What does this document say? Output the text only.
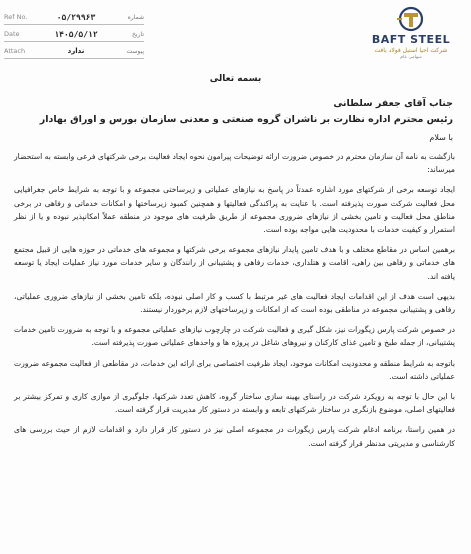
Ref No.	۰۵/۲۹۹۶۳	شماره
Date	۱۴۰۵/۵/۱۲	تاریخ
Attach	ندارد	پیوست
BAFT STEEL
شرکت احیا استیل فولاد بافت
سهامی عام
بسمه تعالی
جناب آقای جعفر سلطانی
رئیس محترم اداره نظارت بر ناشران گروه صنعتی و معدنی سازمان بورس و اوراق بهادار
با سلام

بازگشت به نامه آن سازمان محترم در خصوص ضرورت ارائه توضیحات پیرامون نحوه ایجاد فعالیت برخی شرکتهای فرعی وابسته به استحضار میرساند:

ایجاد توسعه برخی از شرکتهای مورد اشاره عمدتاً در پاسخ به نیازهای عملیاتی و زیرساختی مجموعه و با توجه به شرایط خاص جغرافیایی محل فعالیت شرکت صورت پذیرفته است. با عنایت به پراکندگی فعالیتها و همچنین کمبود زیرساختها و امکانات خدماتی و رفاهی در برخی مناطق محل فعالیت و تامین بخشی از نیازهای ضروری مجموعه از طریق ظرفیت های موجود در منطقه عملاً امکانپذیر نبوده و یا از نظر استمرار و کیفیت خدمات با محدودیت هایی مواجه بوده است.

برهمین اساس در مقاطع مختلف و با هدف تامین پایدار نیازهای مجموعه برخی شرکتها و مجموعه های خدماتی در حوزه هایی از قبیل مجتمع های خدماتی و رفاهی بین راهی، اقامت و هتلداری، خدمات رفاهی و پشتیبانی از رانندگان و سایر خدمات مورد نیاز عملیات ایجاد یا توسعه یافته اند.

بدیهی است هدف از این اقدامات ایجاد فعالیت های غیر مرتبط با کسب و کار اصلی نبوده، بلکه تامین بخشی از نیازهای ضروری عملیاتی، رفاهی و پشتیبانی مجموعه در مناطقی بوده است که از امکانات و زیرساختهای لازم برخوردار نیستند.

در خصوص شرکت پارس زیگورات نیز، شکل گیری و فعالیت شرکت در چارچوب نیازهای عملیاتی مجموعه و با توجه به ضرورت تامین خدمات پشتیبانی، از جمله طبخ و تامین غذای کارکنان و نیروهای شاغل در پروژه ها و واحدهای عملیاتی صورت پذیرفته است.

باتوجه به شرایط منطقه و محدودیت امکانات موجود، ایجاد ظرفیت اختصاصی برای ارائه این خدمات، در مقاطعی از فعالیت مجموعه ضرورت عملیاتی داشته است.

با این حال با توجه به رویکرد شرکت در راستای بهینه سازی ساختار گروه، کاهش تعدد شرکتها، جلوگیری از موازی کاری و تمرکز بیشتر بر فعالیتهای اصلی، موضوع بازنگری در ساختار شرکتهای تابعه و وابسته در دستور کار مدیریت قرار گرفته است.

در همین راستا، برنامه ادغام شرکت پارس زیگورات در مجموعه اصلی نیز در دستور کار قرار دارد و اقدامات لازم از حیث بررسی های کارشناسی و مدیریتی مدنظر قرار گرفته است.
